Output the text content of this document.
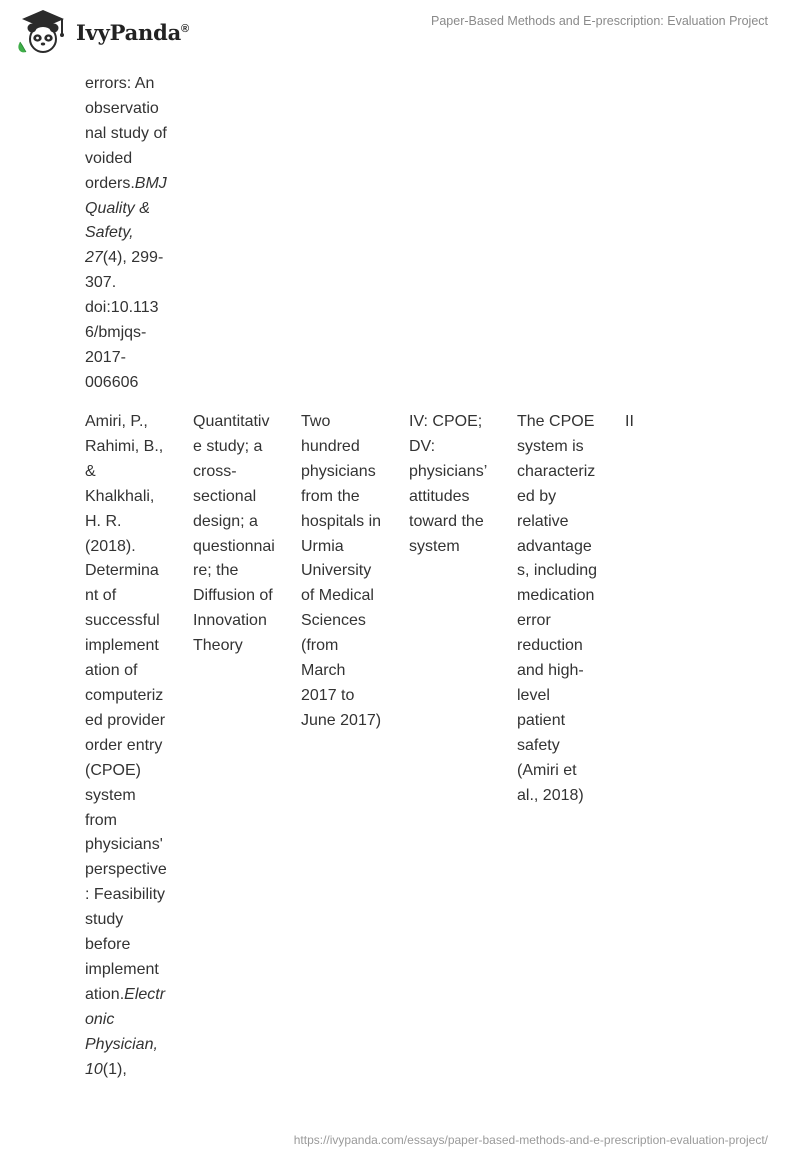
IvyPanda®
Paper-Based Methods and E-prescription: Evaluation Project
errors: An
observatio
nal study of
voided
orders.BMJ
Quality &
Safety,
27(4), 299-
307.
doi:10.113
6/bmjqs-
2017-
006606
Amiri, P.,
Rahimi, B.,
&
Khalkhali,
H. R.
(2018).
Determina
nt of
successful
implement
ation of
computeriz
ed provider
order entry
(CPOE)
system
from
physicians'
perspective
: Feasibility
study
before
implement
ation.Electr
onic
Physician,
10(1),
Quantitativ
e study; a
cross-
sectional
design; a
questionnai
re; the
Diffusion of
Innovation
Theory
Two
hundred
physicians
from the
hospitals in
Urmia
University
of Medical
Sciences
(from
March
2017 to
June 2017)
IV: CPOE;
DV:
physicians’
attitudes
toward the
system
The CPOE
system is
characteriz
ed by
relative
advantage
s, including
medication
error
reduction
and high-
level
patient
safety
(Amiri et
al., 2018)
II
https://ivypanda.com/essays/paper-based-methods-and-e-prescription-evaluation-project/
